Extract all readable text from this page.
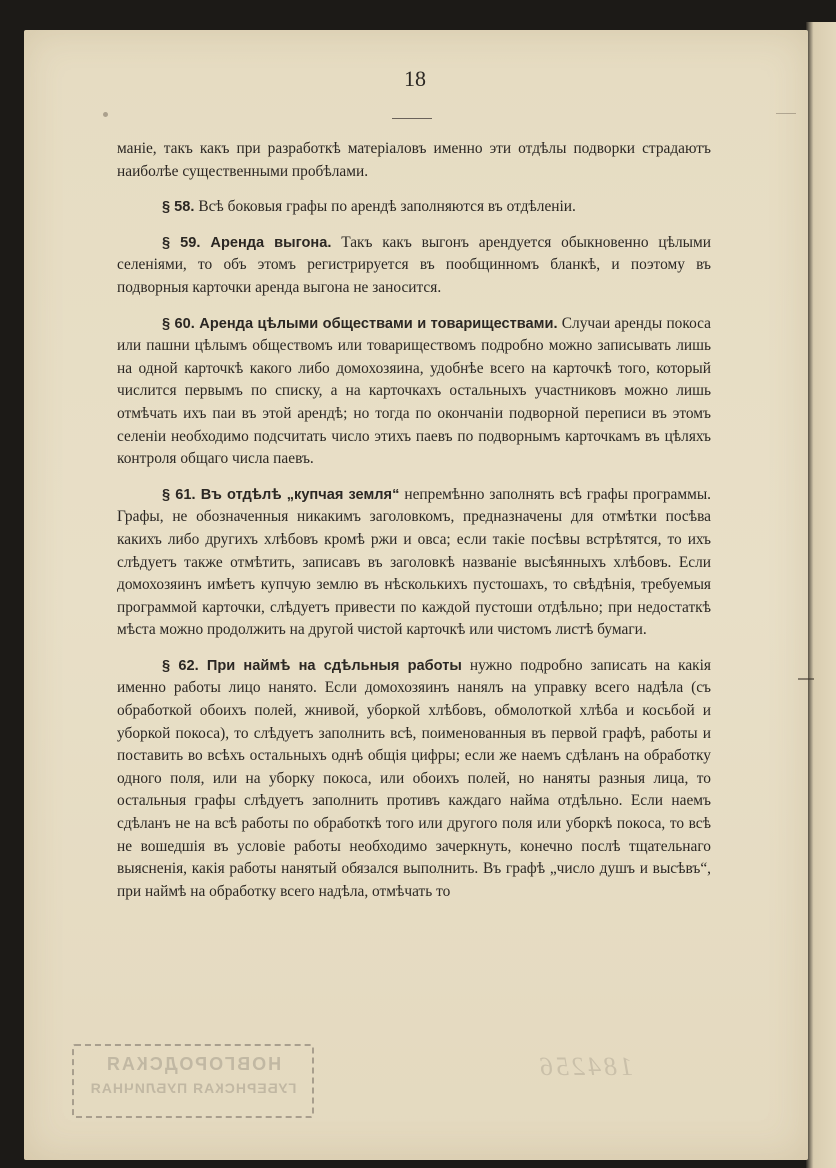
18

маніе, такъ какъ при разработкѣ матеріаловъ именно эти отдѣлы подворки страдаютъ наиболѣе существенными пробѣлами.

§ 58. Всѣ боковыя графы по арендѣ заполняются въ отдѣленіи.

§ 59. Аренда выгона. Такъ какъ выгонъ арендуется обыкновенно цѣлыми селеніями, то объ этомъ регистрируется въ пообщинномъ бланкѣ, и поэтому въ подворныя карточки аренда выгона не заносится.

§ 60. Аренда цѣлыми обществами и товариществами. Случаи аренды покоса или пашни цѣлымъ обществомъ или товариществомъ подробно можно записывать лишь на одной карточкѣ какого либо домохозяина, удобнѣе всего на карточкѣ того, который числится первымъ по списку, а на карточкахъ остальныхъ участниковъ можно лишь отмѣчать ихъ паи въ этой арендѣ; но тогда по окончаніи подворной переписи въ этомъ селеніи необходимо подсчитать число этихъ паевъ по подворнымъ карточкамъ въ цѣляхъ контроля общаго числа паевъ.

§ 61. Въ отдѣлѣ „купчая земля“ непремѣнно заполнять всѣ графы программы. Графы, не обозначенныя никакимъ заголовкомъ, предназначены для отмѣтки посѣва какихъ либо другихъ хлѣбовъ кромѣ ржи и овса; если такіе посѣвы встрѣтятся, то ихъ слѣдуетъ также отмѣтить, записавъ въ заголовкѣ названіе высѣянныхъ хлѣбовъ. Если домохозяинъ имѣетъ купчую землю въ нѣсколькихъ пустошахъ, то свѣдѣнія, требуемыя программой карточки, слѣдуетъ привести по каждой пустоши отдѣльно; при недостаткѣ мѣста можно продолжить на другой чистой карточкѣ или чистомъ листѣ бумаги.

§ 62. При наймѣ на сдѣльныя работы нужно подробно записать на какія именно работы лицо нанято. Если домохозяинъ нанялъ на управку всего надѣла (съ обработкой обоихъ полей, жнивой, уборкой хлѣбовъ, обмолоткой хлѣба и косьбой и уборкой покоса), то слѣдуетъ заполнить всѣ, поименованныя въ первой графѣ, работы и поставить во всѣхъ остальныхъ однѣ общія цифры; если же наемъ сдѣланъ на обработку одного поля, или на уборку покоса, или обоихъ полей, но наняты разныя лица, то остальныя графы слѣдуетъ заполнить противъ каждаго найма отдѣльно. Если наемъ сдѣланъ не на всѣ работы по обработкѣ того или другого поля или уборкѣ покоса, то всѣ не вошедшія въ условіе работы необходимо зачеркнуть, конечно послѣ тщательнаго выясненія, какія работы нанятый обязался выполнить. Въ графѣ „число душъ и высѣвъ“, при наймѣ на обработку всего надѣла, отмѣчать то

НОВГОРОДСКАЯ
ГУБЕРНСКАЯ ПУБЛИЧНАЯ
184256
